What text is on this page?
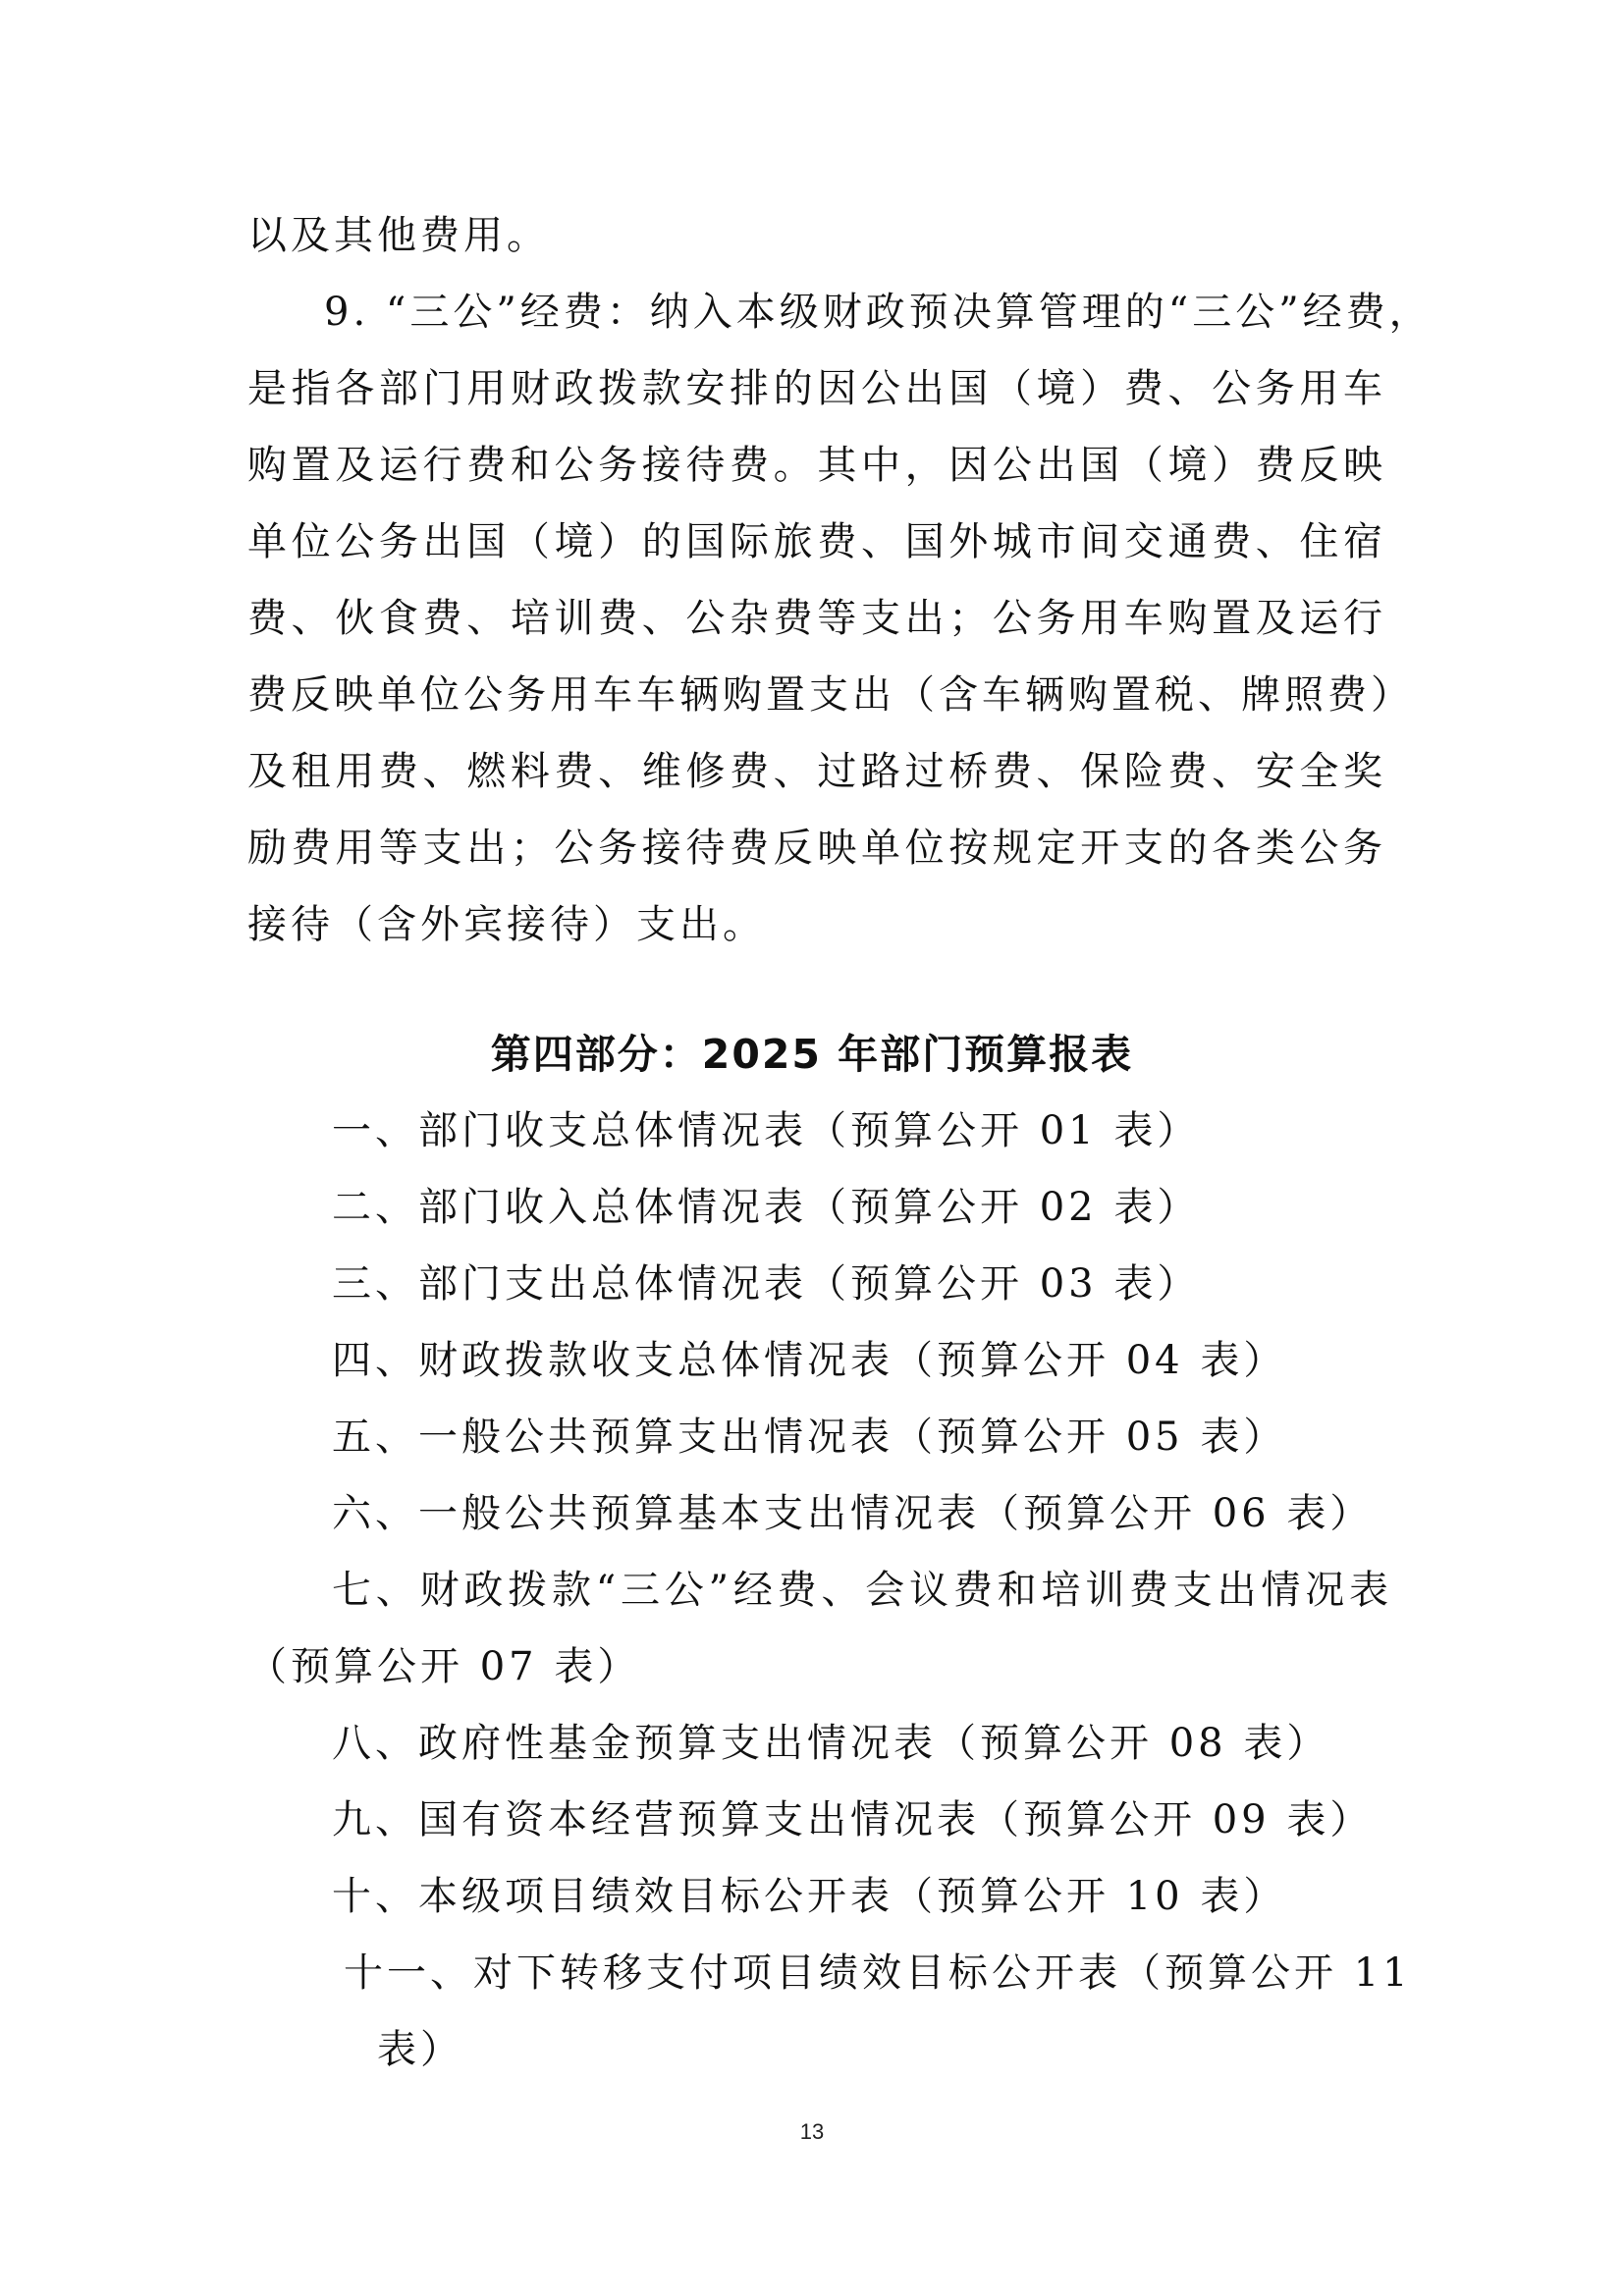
以及其他费用。
9. “三公”经费：纳入本级财政预决算管理的“三公”经费，
是指各部门用财政拨款安排的因公出国（境）费、公务用车
购置及运行费和公务接待费。其中，因公出国（境）费反映
单位公务出国（境）的国际旅费、国外城市间交通费、住宿
费、伙食费、培训费、公杂费等支出；公务用车购置及运行
费反映单位公务用车车辆购置支出（含车辆购置税、牌照费）
及租用费、燃料费、维修费、过路过桥费、保险费、安全奖
励费用等支出；公务接待费反映单位按规定开支的各类公务
接待（含外宾接待）支出。
第四部分：2025 年部门预算报表
一、部门收支总体情况表（预算公开 01 表）
二、部门收入总体情况表（预算公开 02 表）
三、部门支出总体情况表（预算公开 03 表）
四、财政拨款收支总体情况表（预算公开 04 表）
五、一般公共预算支出情况表（预算公开 05 表）
六、一般公共预算基本支出情况表（预算公开 06 表）
七、财政拨款“三公”经费、会议费和培训费支出情况表
（预算公开 07 表）
八、政府性基金预算支出情况表（预算公开 08 表）
九、国有资本经营预算支出情况表（预算公开 09 表）
十、本级项目绩效目标公开表（预算公开 10 表）
十一、对下转移支付项目绩效目标公开表（预算公开 11
表）
13
